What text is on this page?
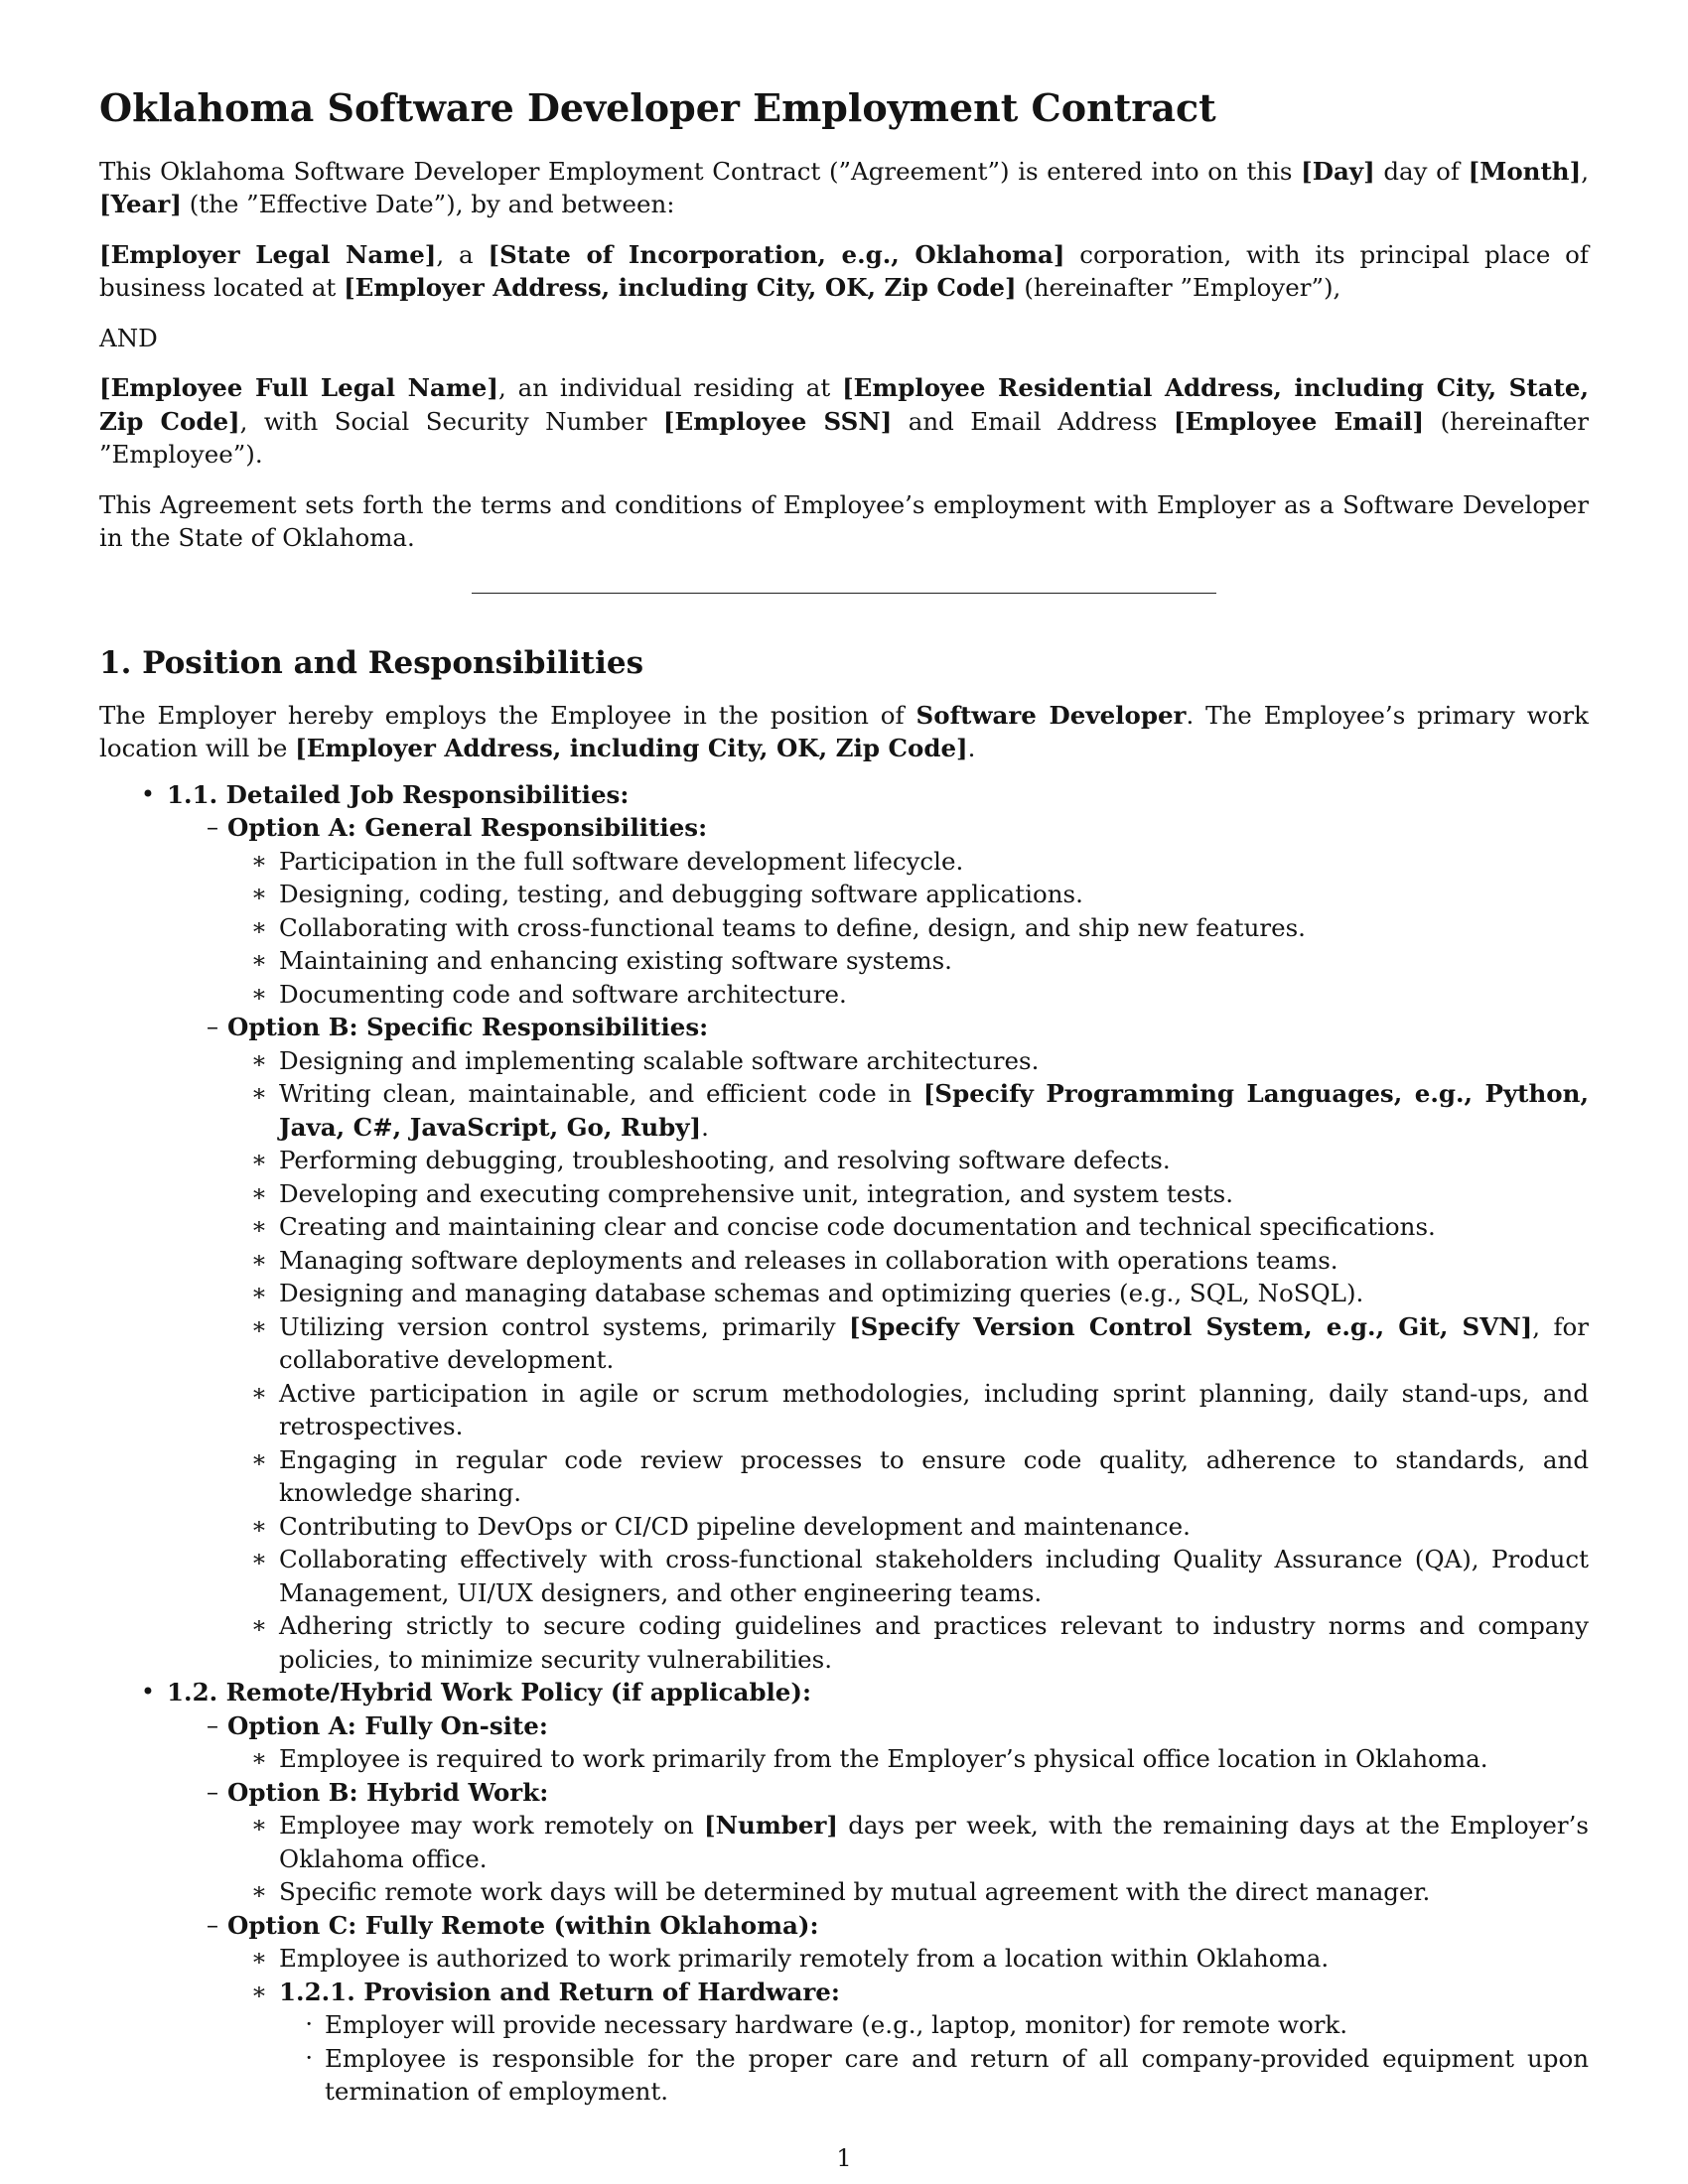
Oklahoma Software Developer Employment Contract

This Oklahoma Software Developer Employment Contract (”Agreement”) is entered into on this [Day] day of [Month], [Year] (the ”Effective Date”), by and between:

[Employer Legal Name], a [State of Incorporation, e.g., Oklahoma] corporation, with its principal place of business located at [Employer Address, including City, OK, Zip Code] (hereinafter ”Employer”),

AND

[Employee Full Legal Name], an individual residing at [Employee Residential Address, including City, State, Zip Code], with Social Security Number [Employee SSN] and Email Address [Employee Email] (hereinafter ”Employee”).

This Agreement sets forth the terms and conditions of Employee’s employment with Employer as a Software Developer in the State of Oklahoma.

1. Position and Responsibilities

The Employer hereby employs the Employee in the position of Software Developer. The Employee’s primary work location will be [Employer Address, including City, OK, Zip Code].

• 1.1. Detailed Job Responsibilities:
– Option A: General Responsibilities:
∗ Participation in the full software development lifecycle.
∗ Designing, coding, testing, and debugging software applications.
∗ Collaborating with cross-functional teams to define, design, and ship new features.
∗ Maintaining and enhancing existing software systems.
∗ Documenting code and software architecture.
– Option B: Specific Responsibilities:
∗ Designing and implementing scalable software architectures.
∗ Writing clean, maintainable, and efficient code in [Specify Programming Languages, e.g., Python, Java, C#, JavaScript, Go, Ruby].
∗ Performing debugging, troubleshooting, and resolving software defects.
∗ Developing and executing comprehensive unit, integration, and system tests.
∗ Creating and maintaining clear and concise code documentation and technical specifications.
∗ Managing software deployments and releases in collaboration with operations teams.
∗ Designing and managing database schemas and optimizing queries (e.g., SQL, NoSQL).
∗ Utilizing version control systems, primarily [Specify Version Control System, e.g., Git, SVN], for collaborative development.
∗ Active participation in agile or scrum methodologies, including sprint planning, daily stand-ups, and retrospectives.
∗ Engaging in regular code review processes to ensure code quality, adherence to standards, and knowledge sharing.
∗ Contributing to DevOps or CI/CD pipeline development and maintenance.
∗ Collaborating effectively with cross-functional stakeholders including Quality Assurance (QA), Product Management, UI/UX designers, and other engineering teams.
∗ Adhering strictly to secure coding guidelines and practices relevant to industry norms and company policies, to minimize security vulnerabilities.
• 1.2. Remote/Hybrid Work Policy (if applicable):
– Option A: Fully On-site:
∗ Employee is required to work primarily from the Employer’s physical office location in Oklahoma.
– Option B: Hybrid Work:
∗ Employee may work remotely on [Number] days per week, with the remaining days at the Employer’s Oklahoma office.
∗ Specific remote work days will be determined by mutual agreement with the direct manager.
– Option C: Fully Remote (within Oklahoma):
∗ Employee is authorized to work primarily remotely from a location within Oklahoma.
∗ 1.2.1. Provision and Return of Hardware:
· Employer will provide necessary hardware (e.g., laptop, monitor) for remote work.
· Employee is responsible for the proper care and return of all company-provided equipment upon termination of employment.
1
